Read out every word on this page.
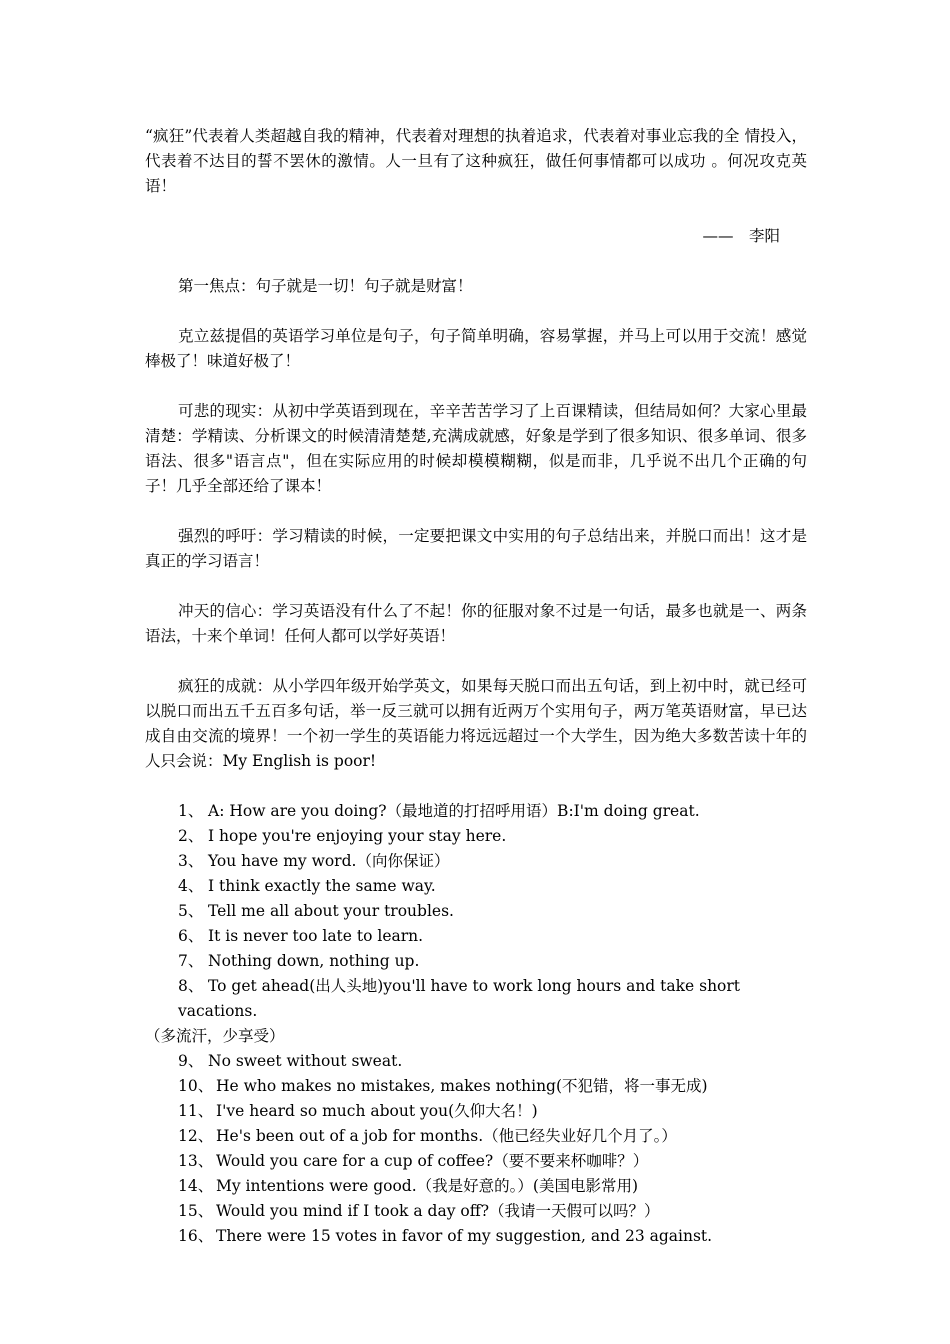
“疯狂”代表着人类超越自我的精神，代表着对理想的执着追求，代表着对事业忘我的全 情投入，代表着不达目的誓不罢休的激情。人一旦有了这种疯狂，做任何事情都可以成功 。何况攻克英语！

——　李阳

第一焦点：句子就是一切！句子就是财富！

克立兹提倡的英语学习单位是句子，句子简单明确，容易掌握，并马上可以用于交流！感觉棒极了！味道好极了！

可悲的现实：从初中学英语到现在，辛辛苦苦学习了上百课精读，但结局如何？大家心里最清楚：学精读、分析课文的时候清清楚楚,充满成就感，好象是学到了很多知识、很多单词、很多语法、很多"语言点"，但在实际应用的时候却模模糊糊，似是而非，几乎说不出几个正确的句子！几乎全部还给了课本！

强烈的呼吁：学习精读的时候，一定要把课文中实用的句子总结出来，并脱口而出！这才是真正的学习语言！

冲天的信心：学习英语没有什么了不起！你的征服对象不过是一句话，最多也就是一、两条语法，十来个单词！任何人都可以学好英语！

疯狂的成就：从小学四年级开始学英文，如果每天脱口而出五句话，到上初中时，就已经可以脱口而出五千五百多句话，举一反三就可以拥有近两万个实用句子，两万笔英语财富，早已达成自由交流的境界！一个初一学生的英语能力将远远超过一个大学生，因为绝大多数苦读十年的人只会说：My English is poor!

1、 A: How are you doing?（最地道的打招呼用语）B:I'm doing great.
2、 I hope you're enjoying your stay here.
3、 You have my word.（向你保证）
4、 I think exactly the same way.
5、 Tell me all about your troubles.
6、 It is never too late to learn.
7、 Nothing down, nothing up.
8、 To get ahead(出人头地)you'll have to work long hours and take short vacations.
（多流汗，少享受）
9、 No sweet without sweat.
10、 He who makes no mistakes, makes nothing(不犯错，将一事无成)
11、 I've heard so much about you(久仰大名！)
12、 He's been out of a job for months.（他已经失业好几个月了。）
13、 Would you care for a cup of coffee?（要不要来杯咖啡？）
14、 My intentions were good.（我是好意的。）(美国电影常用)
15、 Would you mind if I took a day off?（我请一天假可以吗？）
16、 There were 15 votes in favor of my suggestion, and 23 against.
